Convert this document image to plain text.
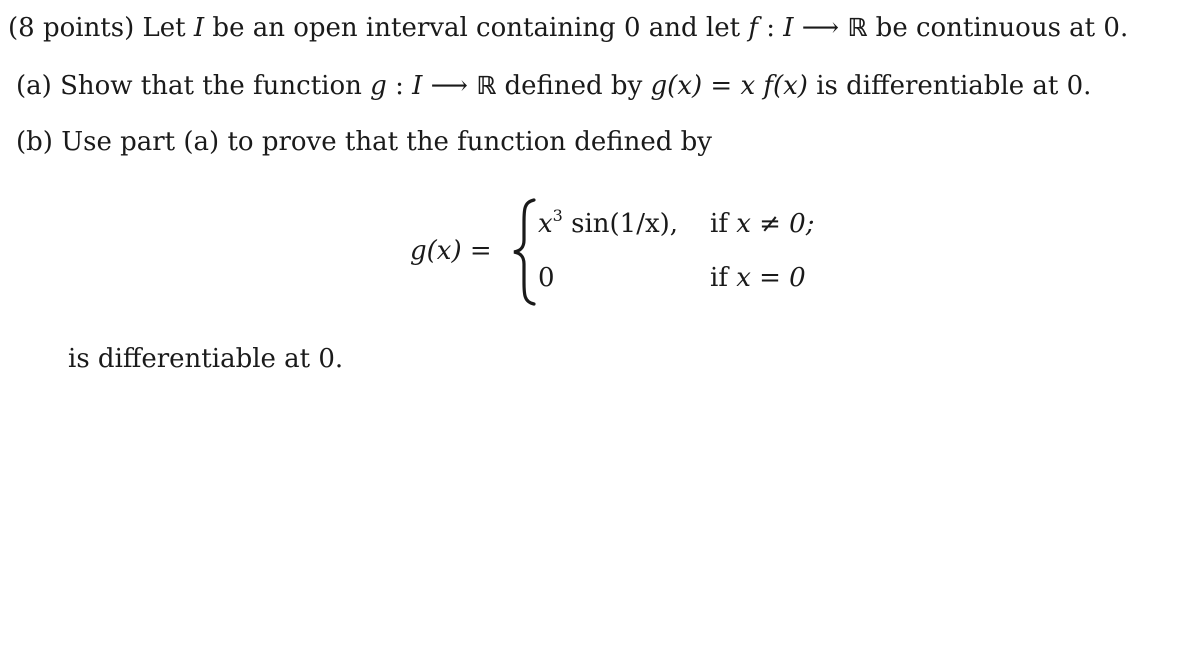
(8 points) Let I be an open interval containing 0 and let f : I ⟶ ℝ be continuous at 0.
(a) Show that the function g : I ⟶ ℝ defined by g(x) = x f(x) is differentiable at 0.
(b) Use part (a) to prove that the function defined by
g(x) =
$x^3$ sin(1/x), if x ≠ 0;
0	if x = 0
is differentiable at 0.
